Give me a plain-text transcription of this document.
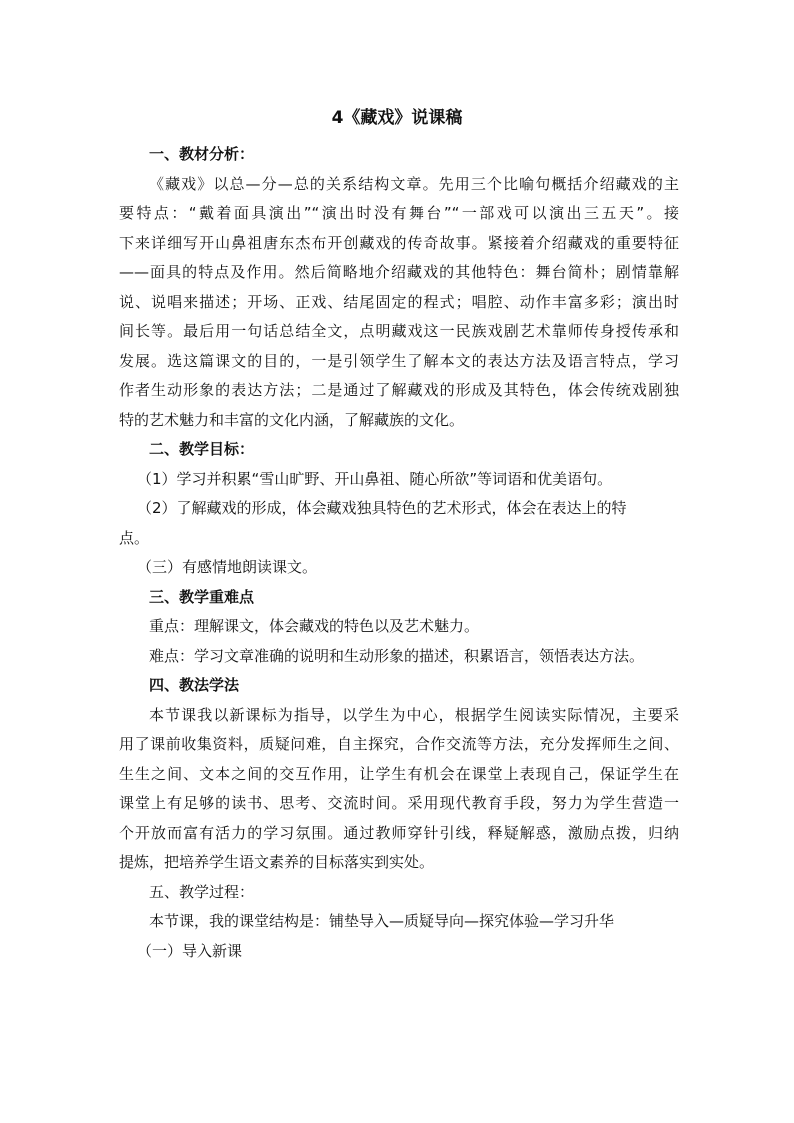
4《藏戏》说课稿
一、教材分析：
《藏戏》以总—分—总的关系结构文章。先用三个比喻句概括介绍藏戏的主
要特点：“戴着面具演出”“演出时没有舞台”“一部戏可以演出三五天”。接
下来详细写开山鼻祖唐东杰布开创藏戏的传奇故事。紧接着介绍藏戏的重要特征
——面具的特点及作用。然后简略地介绍藏戏的其他特色：舞台简朴；剧情靠解
说、说唱来描述；开场、正戏、结尾固定的程式；唱腔、动作丰富多彩；演出时
间长等。最后用一句话总结全文，点明藏戏这一民族戏剧艺术靠师传身授传承和
发展。选这篇课文的目的，一是引领学生了解本文的表达方法及语言特点，学习
作者生动形象的表达方法；二是通过了解藏戏的形成及其特色，体会传统戏剧独
特的艺术魅力和丰富的文化内涵，了解藏族的文化。
二、教学目标：
（1）学习并积累“雪山旷野、开山鼻祖、随心所欲”等词语和优美语句。
（2）了解藏戏的形成，体会藏戏独具特色的艺术形式，体会在表达上的特
点。
（三）有感情地朗读课文。
三、教学重难点
重点：理解课文，体会藏戏的特色以及艺术魅力。
难点：学习文章准确的说明和生动形象的描述，积累语言，领悟表达方法。
四、教法学法
本节课我以新课标为指导，以学生为中心，根据学生阅读实际情况，主要采
用了课前收集资料，质疑问难，自主探究，合作交流等方法，充分发挥师生之间、
生生之间、文本之间的交互作用，让学生有机会在课堂上表现自己，保证学生在
课堂上有足够的读书、思考、交流时间。采用现代教育手段，努力为学生营造一
个开放而富有活力的学习氛围。通过教师穿针引线，释疑解惑，激励点拨，归纳
提炼，把培养学生语文素养的目标落实到实处。
五、教学过程：
本节课，我的课堂结构是：铺垫导入—质疑导向—探究体验—学习升华
（一）导入新课
